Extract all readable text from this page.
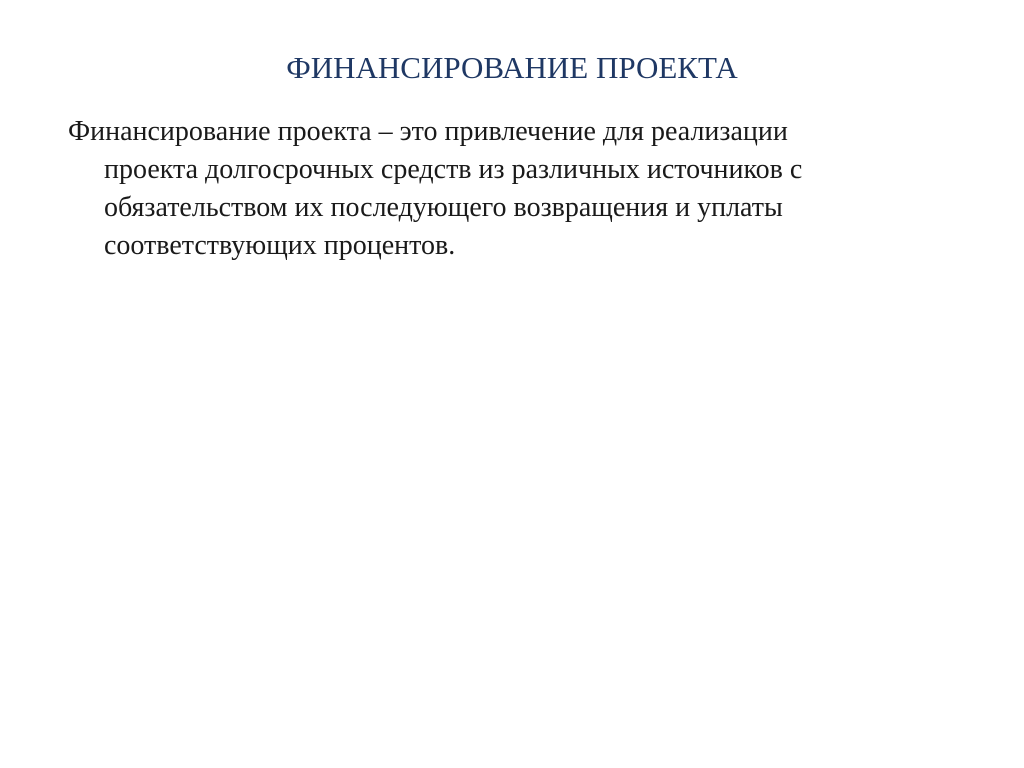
ФИНАНСИРОВАНИЕ ПРОЕКТА
Финансирование проекта – это привлечение для реализации
проекта долгосрочных средств из различных источников с
обязательством их последующего возвращения и уплаты
соответствующих процентов.
